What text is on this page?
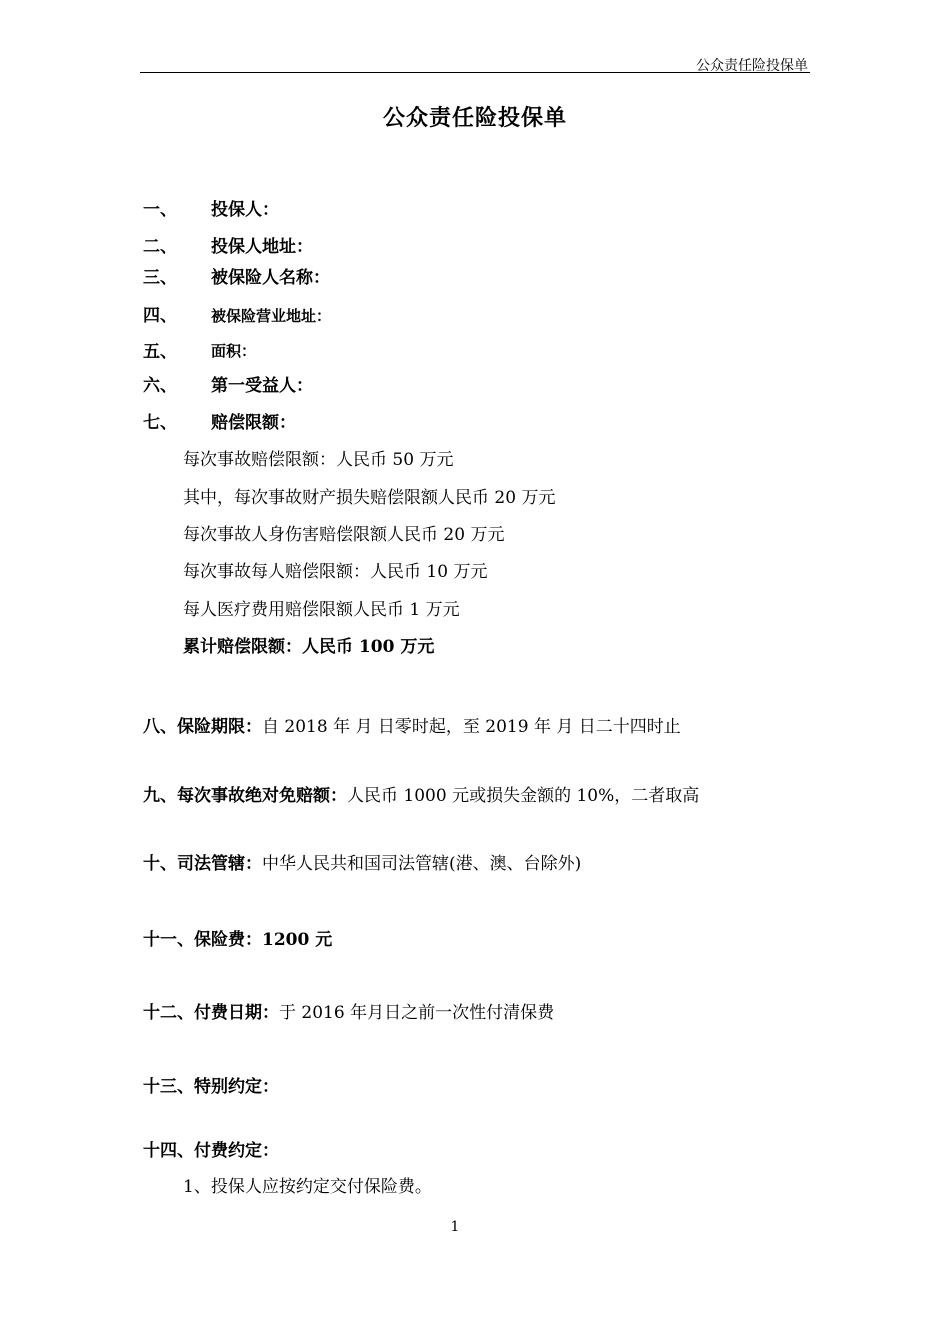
公众责任险投保单
公众责任险投保单
一、 投保人：
二、 投保人地址：
三、 被保险人名称：
四、 被保险营业地址：
五、 面积：
六、 第一受益人：
七、 赔偿限额：
每次事故赔偿限额：人民币 50 万元
其中，每次事故财产损失赔偿限额人民币 20 万元
每次事故人身伤害赔偿限额人民币 20 万元
每次事故每人赔偿限额：人民币 10 万元
每人医疗费用赔偿限额人民币 1 万元
累计赔偿限额：人民币 100 万元
八、保险期限：自 2018 年 月 日零时起，至 2019 年 月 日二十四时止
九、每次事故绝对免赔额：人民币 1000 元或损失金额的 10%，二者取高
十、司法管辖：中华人民共和国司法管辖(港、澳、台除外)
十一、保险费：1200 元
十二、付费日期：于 2016 年月日之前一次性付清保费
十三、特别约定：
十四、付费约定：
1、投保人应按约定交付保险费。
1
